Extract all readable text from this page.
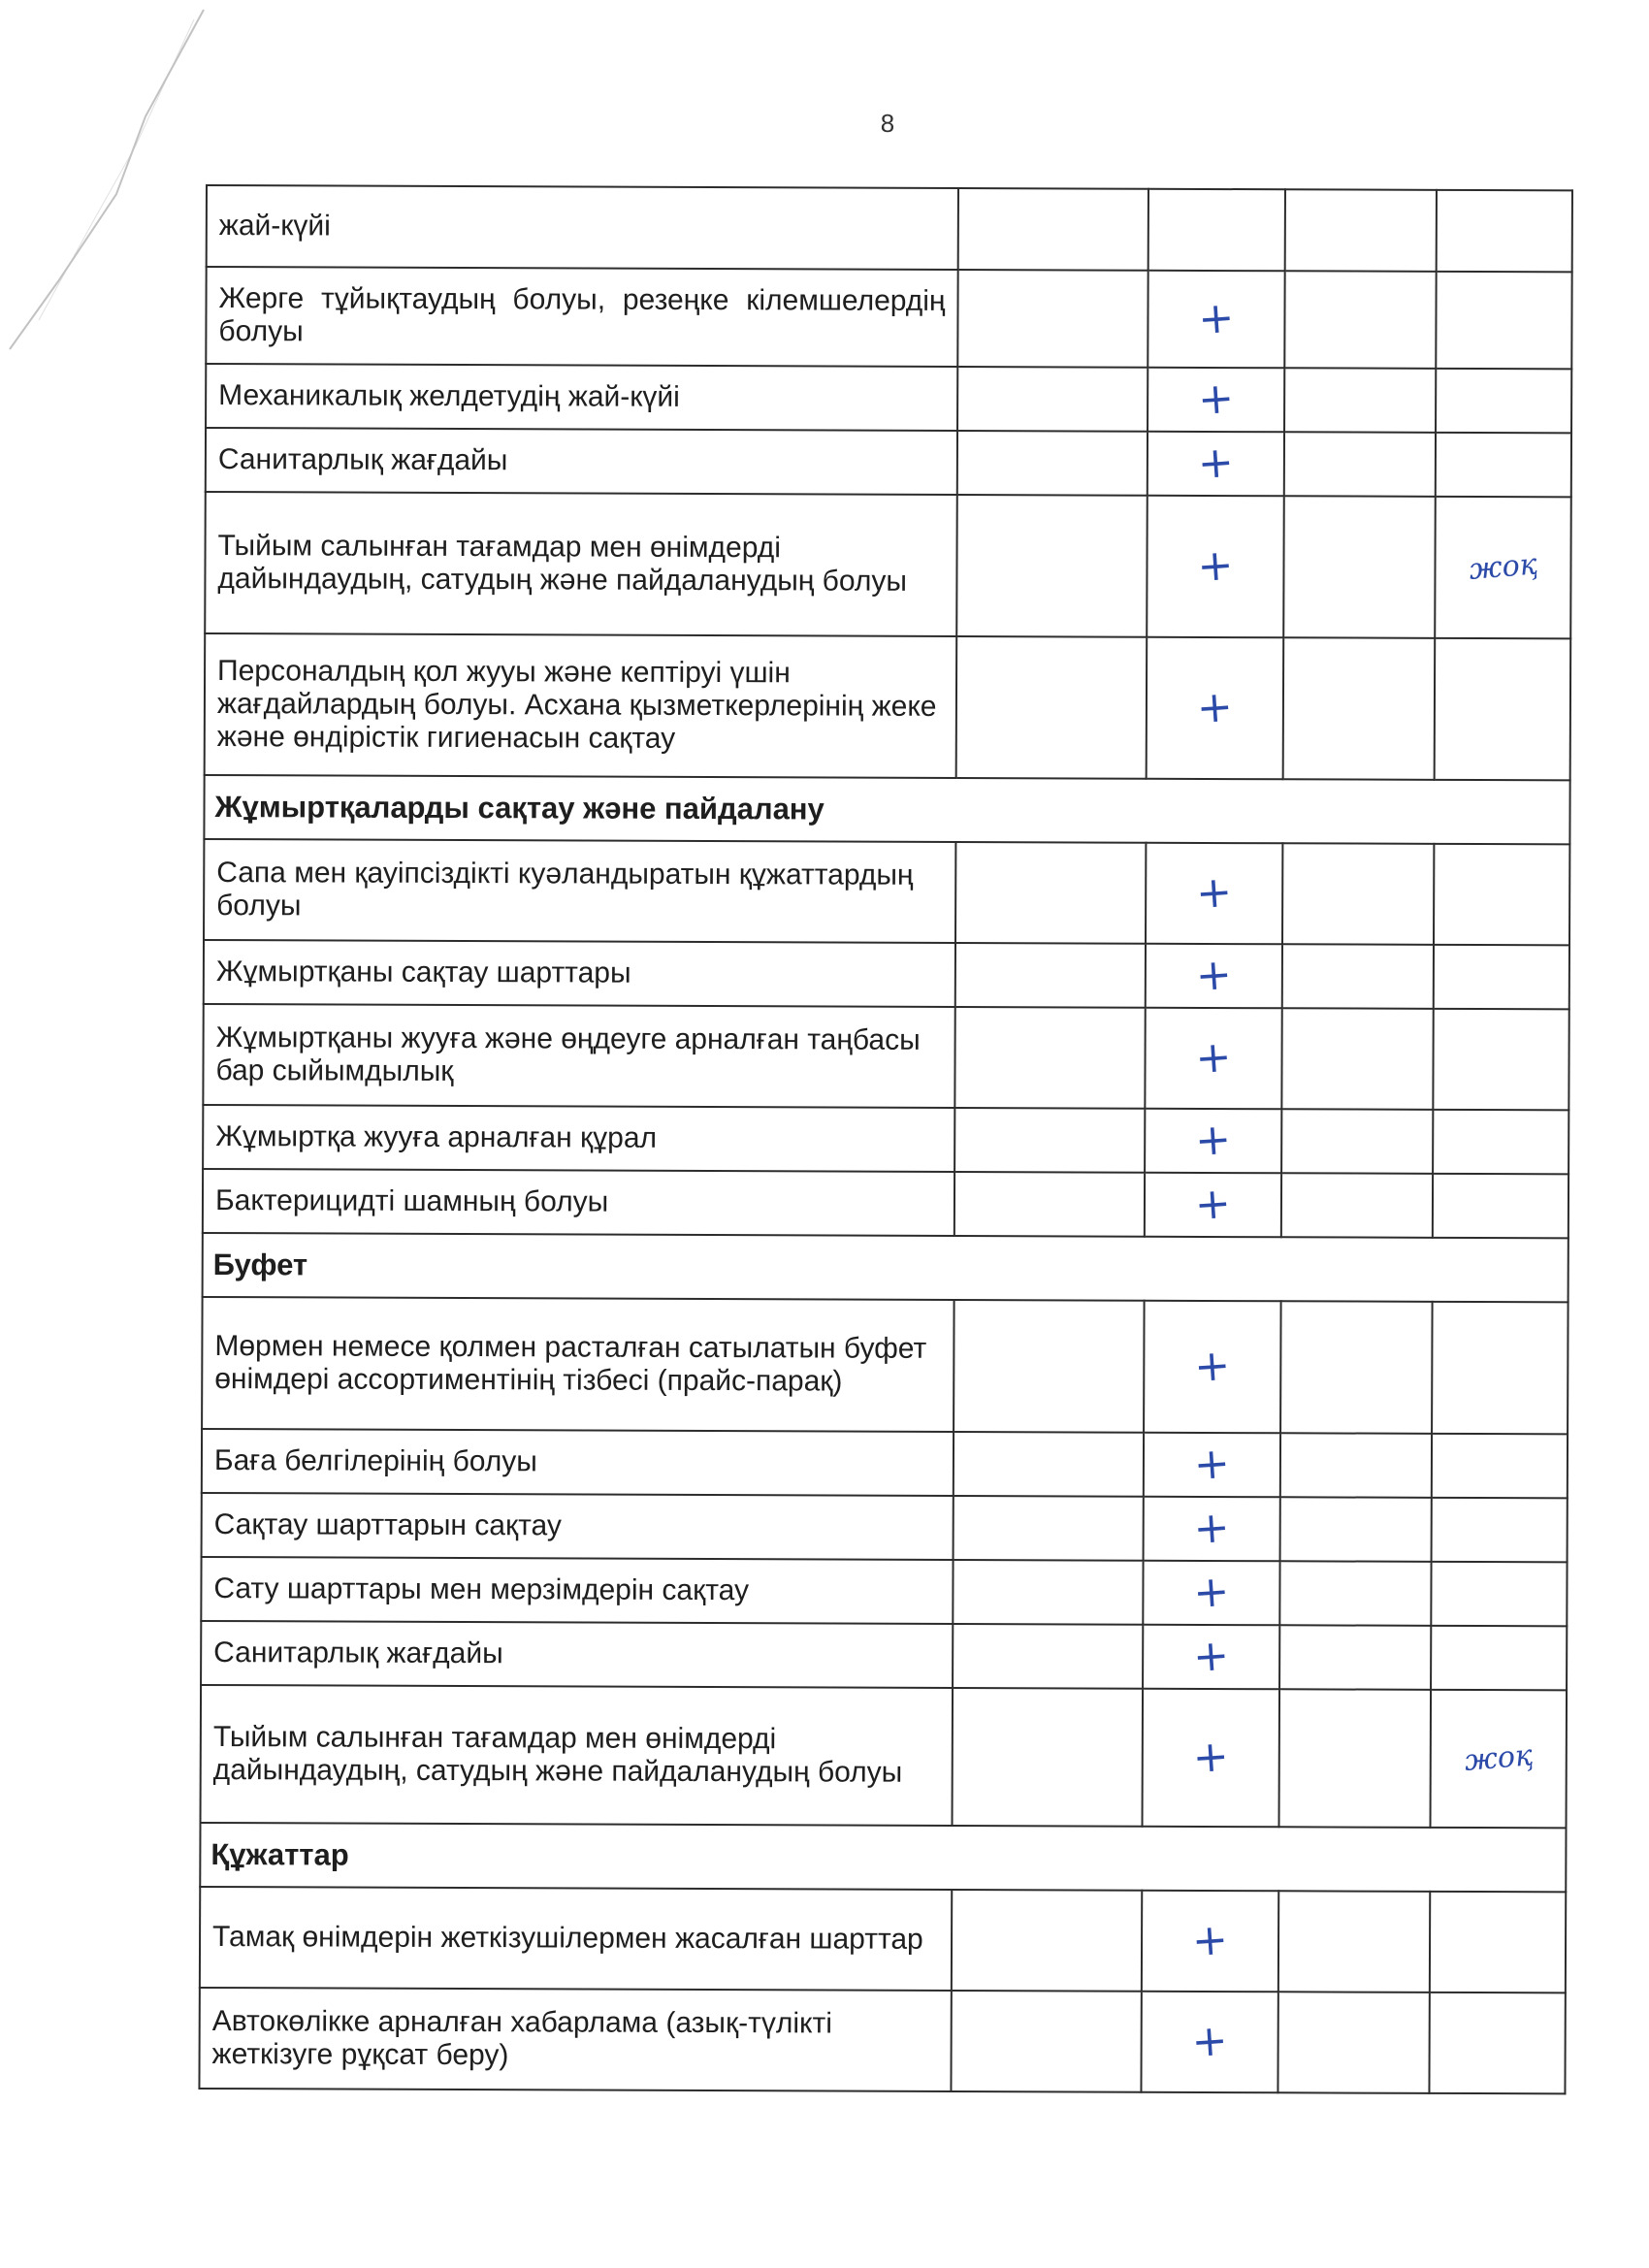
8
жай-күйі				
Жерге тұйықтаудың болуы, резеңке кілемшелердің болуы		+		
Механикалық желдетудің жай-күйі		+		
Санитарлық жағдайы		+		
Тыйым салынған тағамдар мен өнімдерді дайындаудың, сатудың және пайдаланудың болуы		+		жоқ
Персоналдың қол жууы және кептіруі үшін жағдайлардың болуы. Асхана қызметкерлерінің жеке және өндірістік гигиенасын сақтау		+		
Жұмыртқаларды сақтау және пайдалану				
Сапа мен қауіпсіздікті куәландыратын құжаттардың болуы		+		
Жұмыртқаны сақтау шарттары		+		
Жұмыртқаны жууға және өңдеуге арналған таңбасы бар сыйымдылық		+		
Жұмыртқа жууға арналған құрал		+		
Бактерицидті шамның болуы		+		
Буфет				
Мөрмен немесе қолмен расталған сатылатын буфет өнімдері ассортиментінің тізбесі (прайс-парақ)		+		
Баға белгілерінің болуы		+		
Сақтау шарттарын сақтау		+		
Сату шарттары мен мерзімдерін сақтау		+		
Санитарлық жағдайы		+		
Тыйым салынған тағамдар мен өнімдерді дайындаудың, сатудың және пайдаланудың болуы		+		жоқ
Құжаттар				
Тамақ өнімдерін жеткізушілермен жасалған шарттар		+		
Автокөлікке арналған хабарлама (азық-түлікті жеткізуге рұқсат беру)		+		
